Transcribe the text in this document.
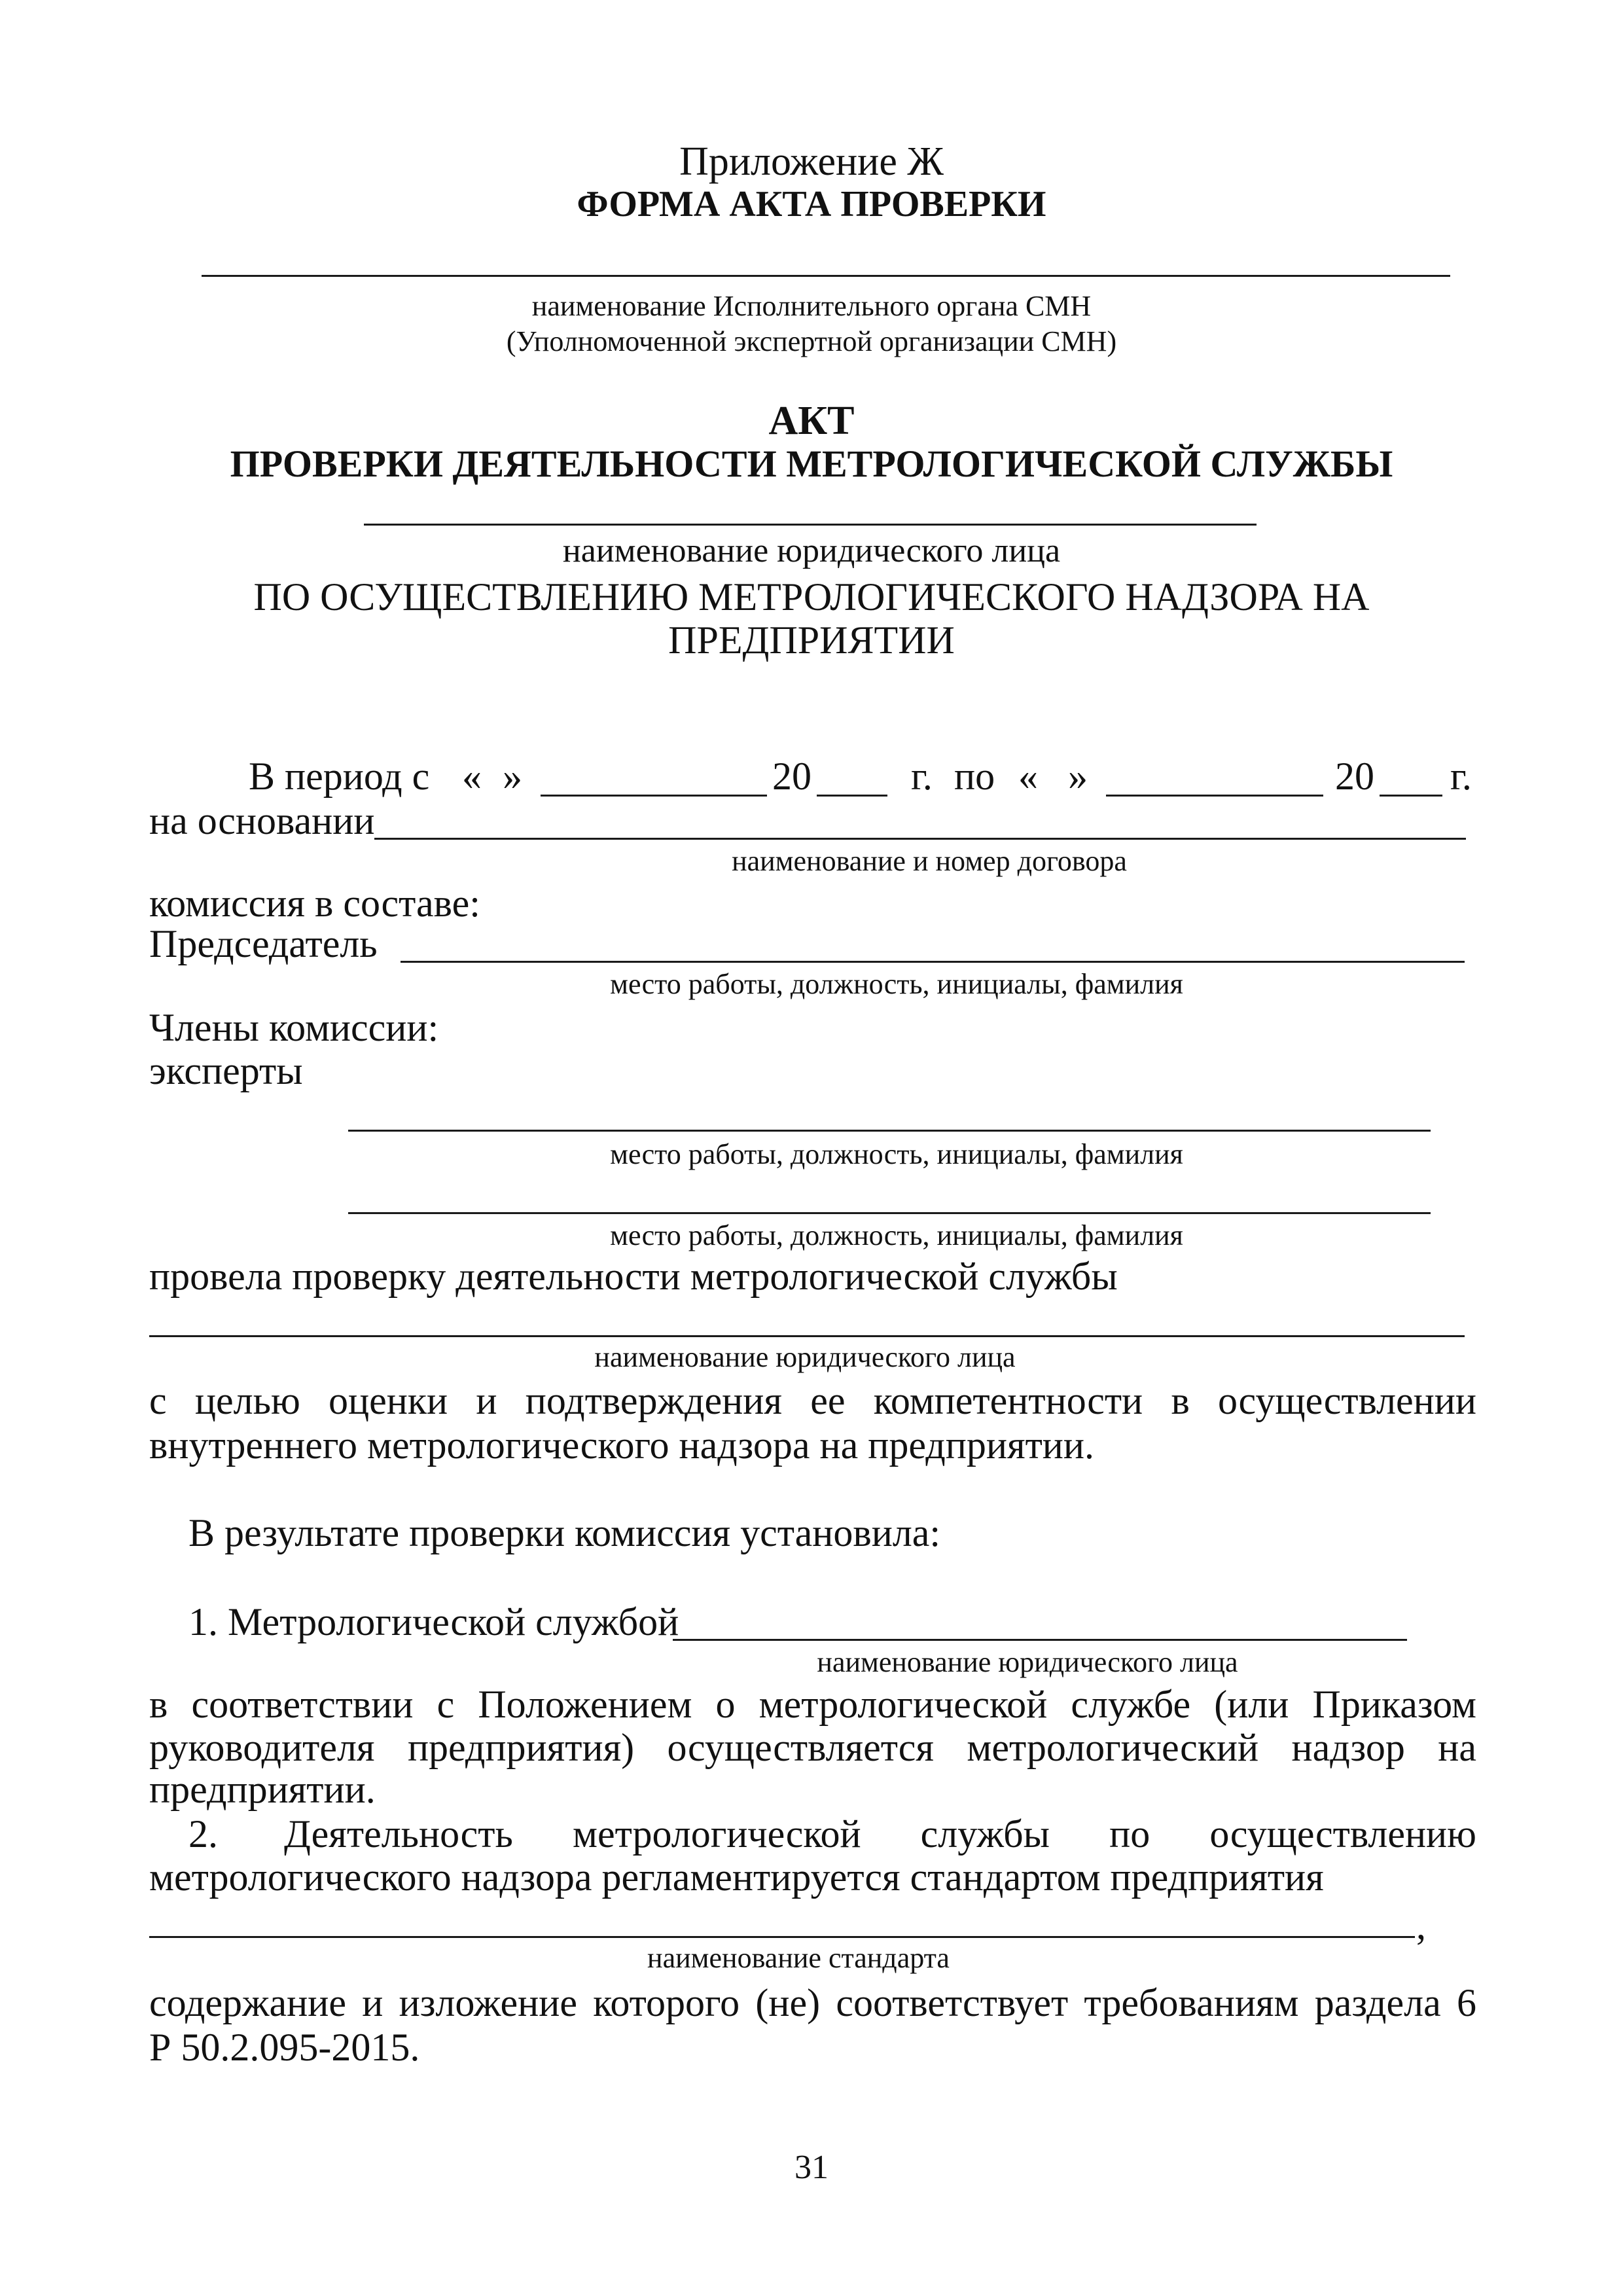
Приложение Ж
ФОРМА АКТА ПРОВЕРКИ
наименование Исполнительного органа СМН
(Уполномоченной экспертной организации СМН)
АКТ
ПРОВЕРКИ ДЕЯТЕЛЬНОСТИ МЕТРОЛОГИЧЕСКОЙ СЛУЖБЫ
наименование юридического лица
ПО ОСУЩЕСТВЛЕНИЮ МЕТРОЛОГИЧЕСКОГО НАДЗОРА НА
ПРЕДПРИЯТИИ
В период с « »	20	г. по « »	20 г.
на основании
наименование и номер договора
комиссия в составе:
Председатель
место работы, должность, инициалы, фамилия
Члены комиссии:
эксперты
место работы, должность, инициалы, фамилия
место работы, должность, инициалы, фамилия
провела проверку деятельности метрологической службы
наименование юридического лица
с целью оценки и подтверждения ее компетентности в осуществлении
внутреннего метрологического надзора на предприятии.
В результате проверки комиссия установила:
1. Метрологической службой
наименование юридического лица
в соответствии с Положением о метрологической службе (или Приказом
руководителя предприятия) осуществляется метрологический надзор на
предприятии.
2. Деятельность метрологической службы по осуществлению
метрологического надзора регламентируется стандартом предприятия
,
наименование стандарта
содержание и изложение которого (не) соответствует требованиям раздела 6
Р 50.2.095-2015.
31
